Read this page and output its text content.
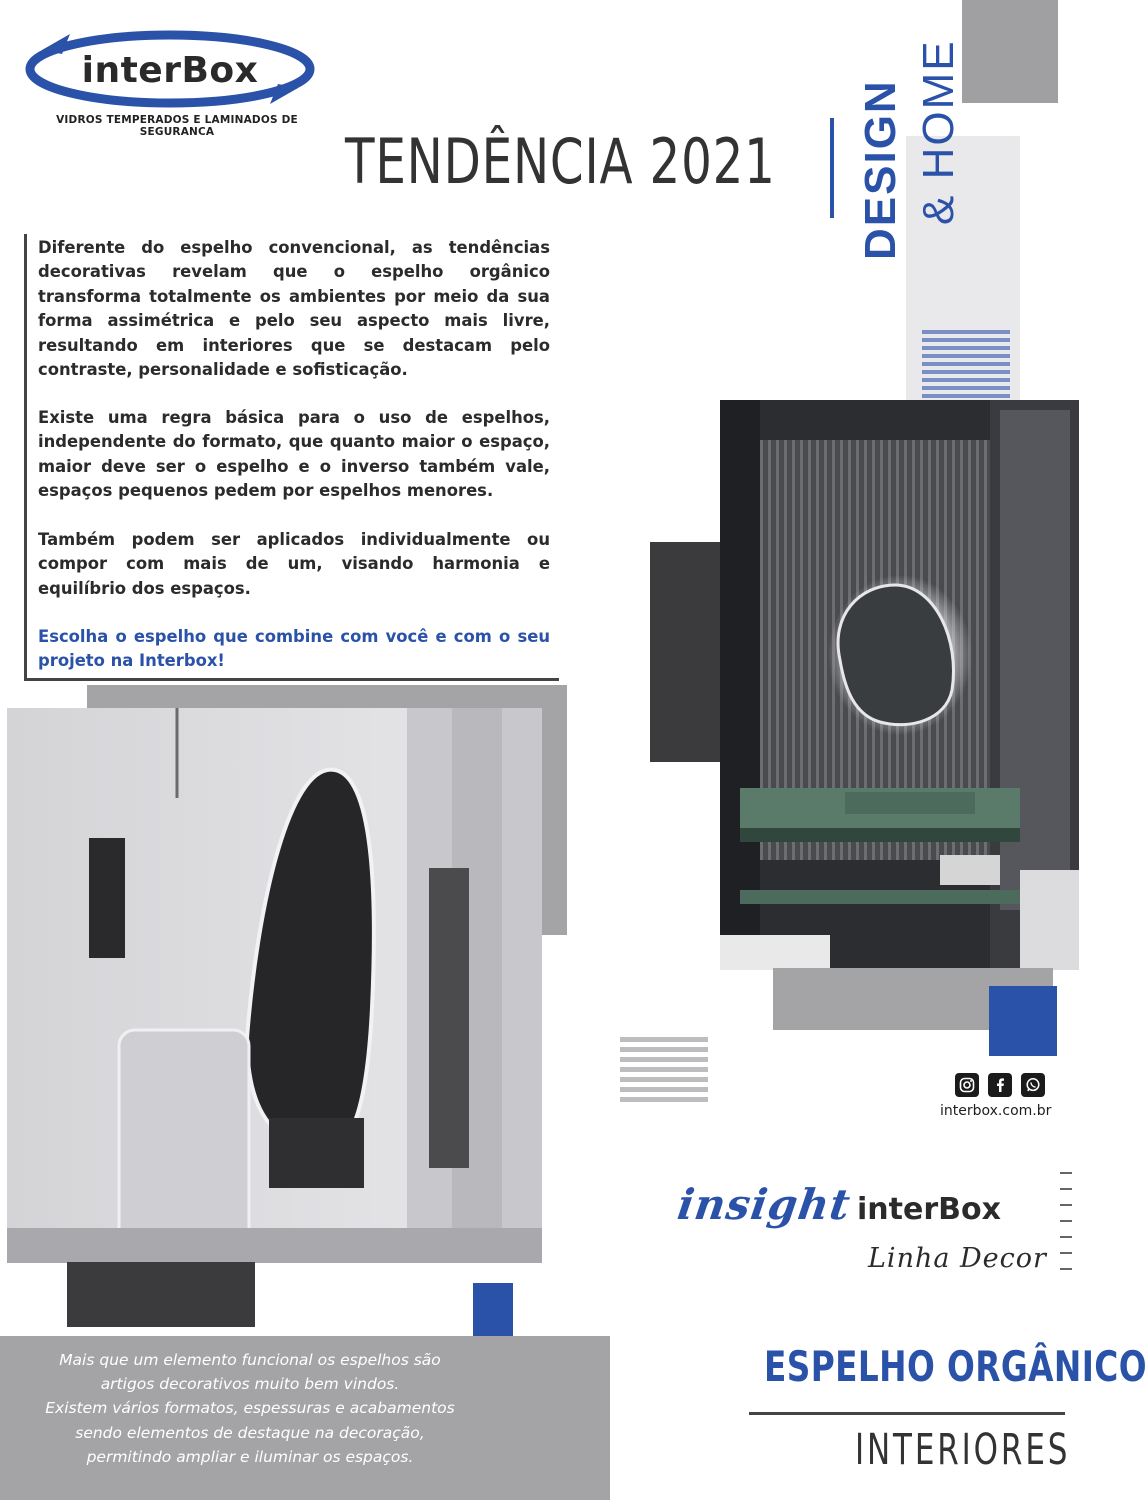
interBox
VIDROS TEMPERADOS E LAMINADOS DE SEGURANCA	TENDÊNCIA 2021 DESIGN & HOME
Diferente do espelho convencional, as tendências decorativas revelam que o espelho orgânico transforma totalmente os ambientes por meio da sua forma assimétrica e pelo seu aspecto mais livre, resultando em interiores que se destacam pelo contraste, personalidade e sofisticação.
Existe uma regra básica para o uso de espelhos, independente do formato, que quanto maior o espaço, maior deve ser o espelho e o inverso também vale, espaços pequenos pedem por espelhos menores.
Também podem ser aplicados individualmente ou compor com mais de um, visando harmonia e equilíbrio dos espaços.
Escolha o espelho que combine com você e com o seu projeto na Interbox!
Mais que um elemento funcional os espelhos são
artigos decorativos muito bem vindos.
Existem vários formatos, espessuras e acabamentos
sendo elementos de destaque na decoração,
permitindo ampliar e iluminar os espaços.
interbox.com.br
insight interBox
Linha Decor
ESPELHO ORGÂNICO
INTERIORES
